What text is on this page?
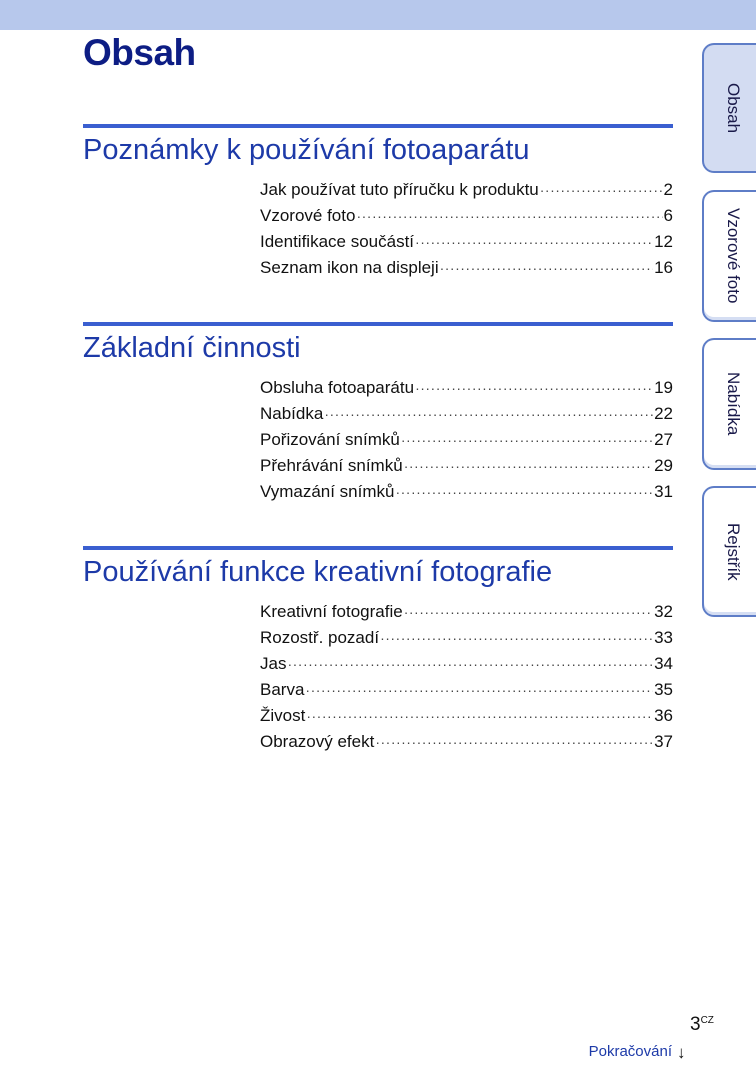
Obsah
Poznámky k používání fotoaparátu
Jak používat tuto příručku k produktu ·····	2
Vzorové foto ·····	6
Identifikace součástí ·····	12
Seznam ikon na displeji ·····	16
Základní činnosti
Obsluha fotoaparátu ·····	19
Nabídka ·····	22
Pořizování snímků ·····	27
Přehrávání snímků ·····	29
Vymazání snímků ·····	31
Používání funkce kreativní fotografie
Kreativní fotografie ·····	32
Rozostř. pozadí ·····	33
Jas ·····	34
Barva ·····	35
Živost ·····	36
Obrazový efekt ·····	37
Obsah
Vzorové foto
Nabídka
Rejstřík
$3^{CZ}$
Pokračování ↓
